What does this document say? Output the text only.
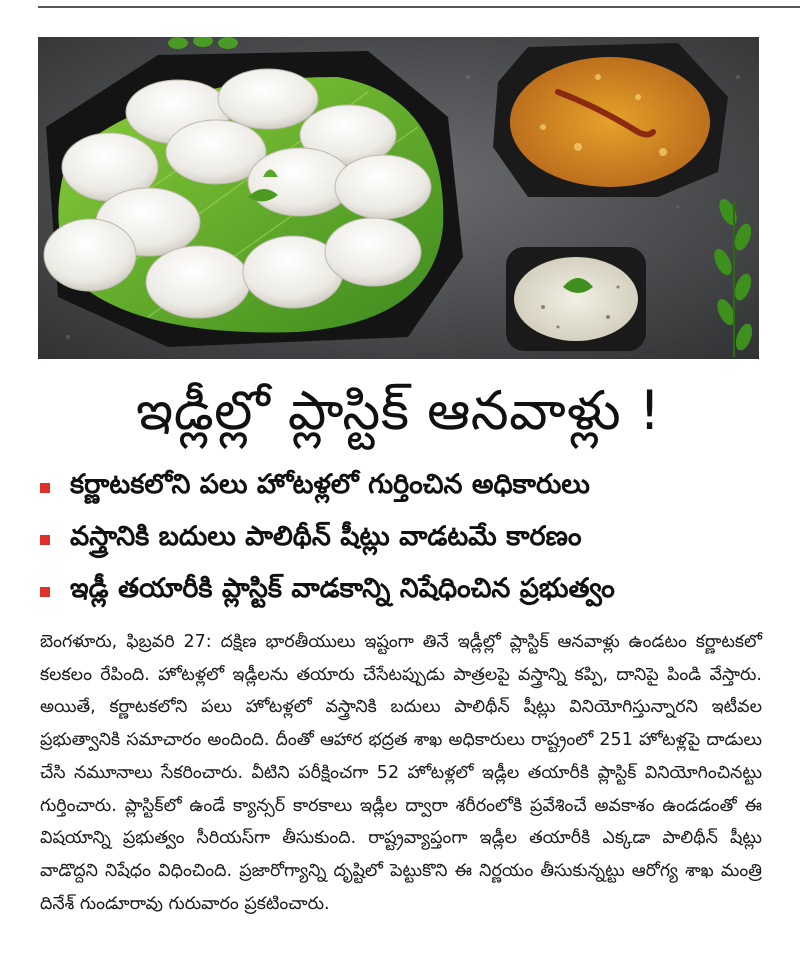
ఇడ్లీల్లో ప్లాస్టిక్ ఆనవాళ్లు !
కర్ణాటకలోని పలు హోటళ్లలో గుర్తించిన అధికారులు
వస్త్రానికి బదులు పాలిథీన్ షీట్లు వాడటమే కారణం
ఇడ్లీ తయారీకి ప్లాస్టిక్ వాడకాన్ని నిషేధించిన ప్రభుత్వం

బెంగళూరు, ఫిబ్రవరి 27: దక్షిణ భారతీయులు ఇష్టంగా తినే ఇడ్లీల్లో ప్లాస్టిక్ ఆనవాళ్లు ఉండటం కర్ణాటకలో కలకలం రేపింది. హోటళ్లలో ఇడ్లీలను తయారు చేసేటప్పుడు పాత్రలపై వస్త్రాన్ని కప్పి, దానిపై పిండి వేస్తారు. అయితే, కర్ణాటకలోని పలు హోటళ్లలో వస్త్రానికి బదులు పాలిథీన్ షీట్లు వినియోగిస్తున్నారని ఇటీవల ప్రభుత్వానికి సమాచారం అందింది. దీంతో ఆహార భద్రత శాఖ అధికారులు రాష్ట్రంలో 251 హోటళ్లపై దాడులు చేసి నమూనాలు సేకరించారు. వీటిని పరీక్షించగా 52 హోటళ్లలో ఇడ్లీల తయారీకి ప్లాస్టిక్ వినియోగించినట్టు గుర్తించారు. ప్లాస్టిక్‌లో ఉండే క్యాన్సర్ కారకాలు ఇడ్లీల ద్వారా శరీరంలోకి ప్రవేశించే అవకాశం ఉండడంతో ఈ విషయాన్ని ప్రభుత్వం సీరియస్‌గా తీసుకుంది. రాష్ట్రవ్యాప్తంగా ఇడ్లీల తయారీకి ఎక్కడా పాలిథీన్ షీట్లు వాడొద్దని నిషేధం విధించింది. ప్రజారోగ్యాన్ని దృష్టిలో పెట్టుకొని ఈ నిర్ణయం తీసుకున్నట్టు ఆరోగ్య శాఖ మంత్రి దినేశ్ గుండూరావు గురువారం ప్రకటించారు.
